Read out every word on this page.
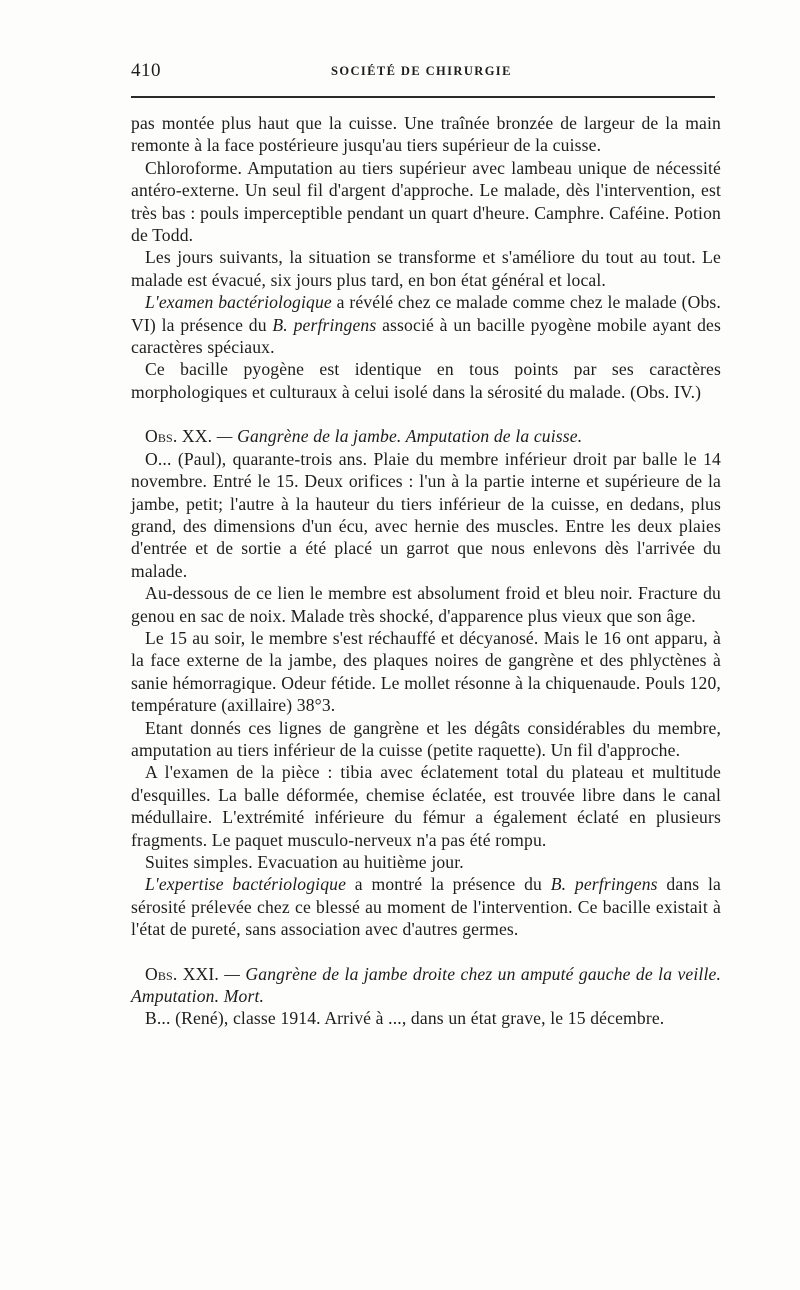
410	SOCIÉTÉ DE CHIRURGIE

pas montée plus haut que la cuisse. Une traînée bronzée de largeur de la main remonte à la face postérieure jusqu'au tiers supérieur de la cuisse.

Chloroforme. Amputation au tiers supérieur avec lambeau unique de nécessité antéro-externe. Un seul fil d'argent d'approche. Le malade, dès l'intervention, est très bas : pouls imperceptible pendant un quart d'heure. Camphre. Caféine. Potion de Todd.

Les jours suivants, la situation se transforme et s'améliore du tout au tout. Le malade est évacué, six jours plus tard, en bon état général et local.

L'examen bactériologique a révélé chez ce malade comme chez le malade (Obs. VI) la présence du B. perfringens associé à un bacille pyogène mobile ayant des caractères spéciaux.

Ce bacille pyogène est identique en tous points par ses caractères morphologiques et culturaux à celui isolé dans la sérosité du malade. (Obs. IV.)

Obs. XX. — Gangrène de la jambe. Amputation de la cuisse.

O... (Paul), quarante-trois ans. Plaie du membre inférieur droit par balle le 14 novembre. Entré le 15. Deux orifices : l'un à la partie interne et supérieure de la jambe, petit; l'autre à la hauteur du tiers inférieur de la cuisse, en dedans, plus grand, des dimensions d'un écu, avec hernie des muscles. Entre les deux plaies d'entrée et de sortie a été placé un garrot que nous enlevons dès l'arrivée du malade.

Au-dessous de ce lien le membre est absolument froid et bleu noir. Fracture du genou en sac de noix. Malade très shocké, d'apparence plus vieux que son âge.

Le 15 au soir, le membre s'est réchauffé et décyanosé. Mais le 16 ont apparu, à la face externe de la jambe, des plaques noires de gangrène et des phlyctènes à sanie hémorragique. Odeur fétide. Le mollet résonne à la chiquenaude. Pouls 120, température (axillaire) 38°3.

Etant donnés ces lignes de gangrène et les dégâts considérables du membre, amputation au tiers inférieur de la cuisse (petite raquette). Un fil d'approche.

A l'examen de la pièce : tibia avec éclatement total du plateau et multitude d'esquilles. La balle déformée, chemise éclatée, est trouvée libre dans le canal médullaire. L'extrémité inférieure du fémur a également éclaté en plusieurs fragments. Le paquet musculo-nerveux n'a pas été rompu.

Suites simples. Evacuation au huitième jour.

L'expertise bactériologique a montré la présence du B. perfringens dans la sérosité prélevée chez ce blessé au moment de l'intervention. Ce bacille existait à l'état de pureté, sans association avec d'autres germes.

Obs. XXI. — Gangrène de la jambe droite chez un amputé gauche de la veille. Amputation. Mort.

B... (René), classe 1914. Arrivé à ..., dans un état grave, le 15 décembre.
